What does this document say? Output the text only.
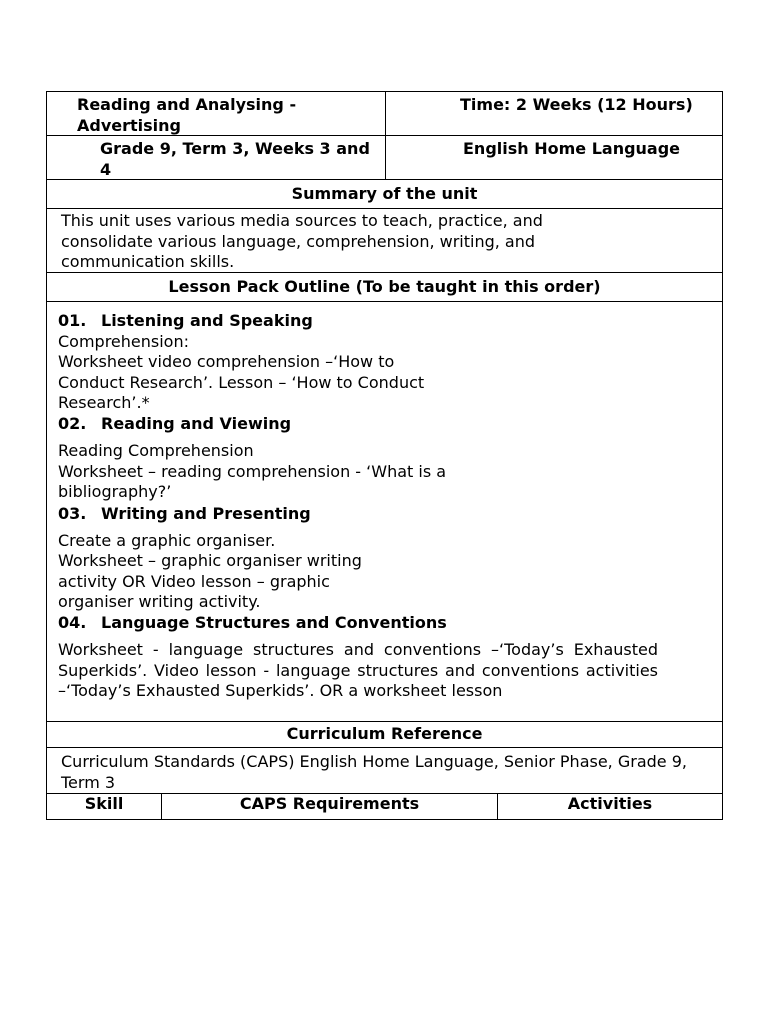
Reading and Analysing - Advertising
Time: 2 Weeks (12 Hours)
Grade 9, Term 3, Weeks 3 and 4
English Home Language
Summary of the unit
This unit uses various media sources to teach, practice, and consolidate various language, comprehension, writing, and communication skills.
Lesson Pack Outline (To be taught in this order)
01. Listening and Speaking
Comprehension:
Worksheet video comprehension –‘How to
Conduct Research’. Lesson – ‘How to Conduct
Research’.*
02. Reading and Viewing
Reading Comprehension
Worksheet – reading comprehension - ‘What is a
bibliography?’
03. Writing and Presenting
Create a graphic organiser.
Worksheet – graphic organiser writing
activity OR Video lesson – graphic
organiser writing activity.
04. Language Structures and Conventions
Worksheet - language structures and conventions –‘Today’s Exhausted Superkids’. Video lesson - language structures and conventions activities –‘Today’s Exhausted Superkids’. OR a worksheet lesson
Curriculum Reference
Curriculum Standards (CAPS) English Home Language, Senior Phase, Grade 9, Term 3
Skill	CAPS Requirements	Activities
